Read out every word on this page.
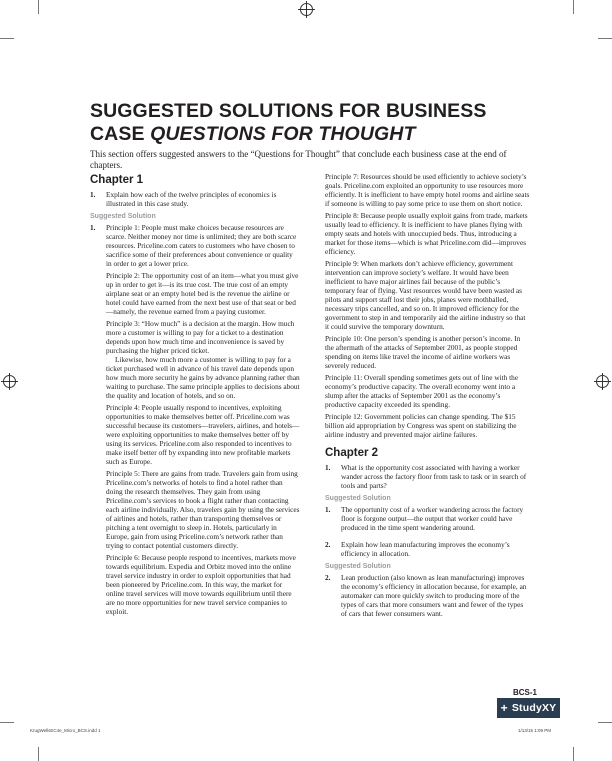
SUGGESTED SOLUTIONS FOR BUSINESS
CASE QUESTIONS FOR THOUGHT
This section offers suggested answers to the “Questions for Thought” that conclude each business case at the end of chapters.
Chapter 1
1. Explain how each of the twelve principles of economics is illustrated in this case study.
Suggested Solution
1. Principle 1: People must make choices because resources are scarce. Neither money nor time is unlimited; they are both scarce resources. Priceline.com caters to customers who have chosen to sacrifice some of their preferences about convenience or quality in order to get a lower price.
Principle 2: The opportunity cost of an item—what you must give up in order to get it—is its true cost. The true cost of an empty airplane seat or an empty hotel bed is the revenue the airline or hotel could have earned from the next best use of that seat or bed—namely, the revenue earned from a paying customer.
Principle 3: “How much” is a decision at the margin. How much more a customer is willing to pay for a ticket to a destination depends upon how much time and inconvenience is saved by purchasing the higher priced ticket.
Likewise, how much more a customer is willing to pay for a ticket purchased well in advance of his travel date depends upon how much more security he gains by advance planning rather than waiting to purchase. The same principle applies to decisions about the quality and location of hotels, and so on.
Principle 4: People usually respond to incentives, exploiting opportunities to make themselves better off. Priceline.com was successful because its customers—travelers, airlines, and hotels—were exploiting opportunities to make themselves better off by using its services. Priceline.com also responded to incentives to make itself better off by expanding into new profitable markets such as Europe.
Principle 5: There are gains from trade. Travelers gain from using Priceline.com’s networks of hotels to find a hotel rather than doing the research themselves. They gain from using Priceline.com’s services to book a flight rather than contacting each airline individually. Also, travelers gain by using the services of airlines and hotels, rather than transporting themselves or pitching a tent overnight to sleep in. Hotels, particularly in Europe, gain from using Priceline.com’s network rather than trying to contact potential customers directly.
Principle 6: Because people respond to incentives, markets move towards equilibrium. Expedia and Orbitz moved into the online travel service industry in order to exploit opportunities that had been pioneered by Priceline.com. In this way, the market for online travel services will move towards equilibrium until there are no more opportunities for new travel service companies to exploit.
Principle 7: Resources should be used efficiently to achieve society’s goals. Priceline.com exploited an opportunity to use resources more efficiently. It is inefficient to have empty hotel rooms and airline seats if someone is willing to pay some price to use them on short notice.
Principle 8: Because people usually exploit gains from trade, markets usually lead to efficiency. It is inefficient to have planes flying with empty seats and hotels with unoccupied beds. Thus, introducing a market for those items—which is what Priceline.com did—improves efficiency.
Principle 9: When markets don’t achieve efficiency, government intervention can improve society’s welfare. It would have been inefficient to have major airlines fail because of the public’s temporary fear of flying. Vast resources would have been wasted as pilots and support staff lost their jobs, planes were mothballed, necessary trips cancelled, and so on. It improved efficiency for the government to step in and temporarily aid the airline industry so that it could survive the temporary downturn.
Principle 10: One person’s spending is another person’s income. In the aftermath of the attacks of September 2001, as people stopped spending on items like travel the income of airline workers was severely reduced.
Principle 11: Overall spending sometimes gets out of line with the economy’s productive capacity. The overall economy went into a slump after the attacks of September 2001 as the economy’s productive capacity exceeded its spending.
Principle 12: Government policies can change spending. The $15 billion aid appropriation by Congress was spent on stabilizing the airline industry and prevented major airline failures.
Chapter 2
1. What is the opportunity cost associated with having a worker wander across the factory floor from task to task or in search of tools and parts?
Suggested Solution
1. The opportunity cost of a worker wandering across the factory floor is forgone output—the output that worker could have produced in the time spent wandering around.
2. Explain how lean manufacturing improves the economy’s efficiency in allocation.
Suggested Solution
2. Lean production (also known as lean manufacturing) improves the economy’s efficiency in allocation because, for example, an automaker can more quickly switch to producing more of the types of cars that more consumers want and fewer of the types of cars that fewer consumers want.
BCS-1
+ StudyXY
KrugWellsEC4e_Micro_BCS.indd 1	1/13/15 1:09 PM
